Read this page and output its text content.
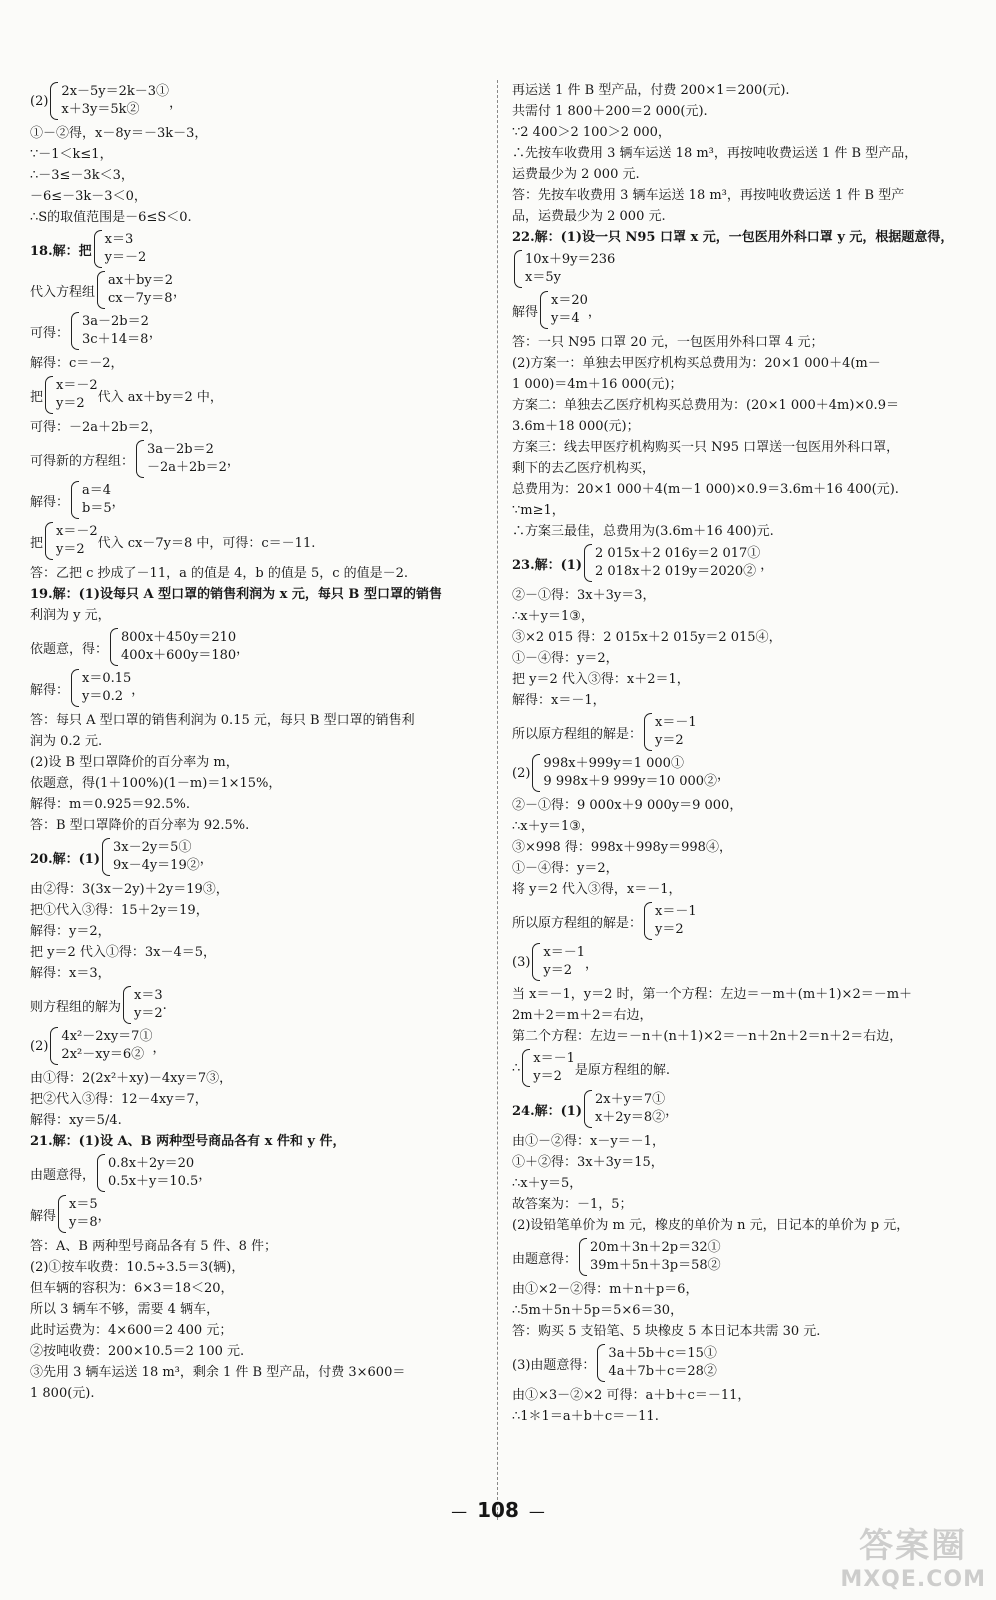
(2)
2x－5y＝2k－3①
x＋3y＝5k②	，
①－②得，x－8y＝－3k－3，
∵－1＜k≤1，
∴－3≤－3k＜3，
－6≤－3k－3＜0，
∴S的取值范围是－6≤S＜0.
18.解：把
x＝3
y＝－2
代入方程组
ax＋by＝2
cx－7y＝8 ，
可得：
3a－2b＝2
3c＋14＝8 ，
解得：c＝－2，
把
x＝－2
y＝2 代入 ax＋by＝2 中，
可得：－2a＋2b＝2，
可得新的方程组：
3a－2b＝2
－2a＋2b＝2 ，
解得：
a＝4
b＝5 ，
把
x＝－2
y＝2 代入 cx－7y＝8 中，可得：c＝－11.
答：乙把 c 抄成了－11，a 的值是 4，b 的值是 5，c 的值是－2.
19.解：(1)设每只 A 型口罩的销售利润为 x 元，每只 B 型口罩的销售
利润为 y 元，
依题意，得：
800x＋450y＝210
400x＋600y＝180 ，
解得：
x＝0.15
y＝0.2 ，
答：每只 A 型口罩的销售利润为 0.15 元，每只 B 型口罩的销售利
润为 0.2 元.
(2)设 B 型口罩降价的百分率为 m，
依题意，得(1＋100%)(1－m)＝1×15%，
解得：m＝0.925＝92.5%.
答：B 型口罩降价的百分率为 92.5%.
20.解：(1)
3x－2y＝5①
9x－4y＝19② ，
由②得：3(3x－2y)＋2y＝19③，
把①代入③得：15＋2y＝19，
解得：y＝2，
把 y＝2 代入①得：3x－4＝5，
解得：x＝3，
则方程组的解为
x＝3
y＝2
.
(2)
4x²－2xy＝7①
2x²－xy＝6② ，
由①得：2(2x²＋xy)－4xy＝7③，
把②代入③得：12－4xy＝7，
解得：xy＝5/4.
21.解：(1)设 A、B 两种型号商品各有 x 件和 y 件，
由题意得，
0.8x＋2y＝20
0.5x＋y＝10.5 ，
解得
x＝5
y＝8 ，
答：A、B 两种型号商品各有 5 件、8 件；
(2)①按车收费：10.5÷3.5＝3(辆)，
但车辆的容积为：6×3＝18＜20，
所以 3 辆车不够，需要 4 辆车，
此时运费为：4×600＝2 400 元；
②按吨收费：200×10.5＝2 100 元.
③先用 3 辆车运送 18 m³，剩余 1 件 B 型产品，付费 3×600＝
1 800(元).
再运送 1 件 B 型产品，付费 200×1＝200(元).
共需付 1 800＋200＝2 000(元).
∵2 400＞2 100＞2 000，
∴先按车收费用 3 辆车运送 18 m³，再按吨收费运送 1 件 B 型产品，
运费最少为 2 000 元.
答：先按车收费用 3 辆车运送 18 m³，再按吨收费运送 1 件 B 型产
品，运费最少为 2 000 元.
22.解：(1)设一只 N95 口罩 x 元，一包医用外科口罩 y 元，根据题意得，
10x＋9y＝236
x＝5y
解得
x＝20
y＝4 ，
答：一只 N95 口罩 20 元，一包医用外科口罩 4 元；
(2)方案一：单独去甲医疗机构买总费用为：20×1 000＋4(m－
1 000)＝4m＋16 000(元)；
方案二：单独去乙医疗机构买总费用为：(20×1 000＋4m)×0.9＝
3.6m＋18 000(元)；
方案三：线去甲医疗机构购买一只 N95 口罩送一包医用外科口罩，
剩下的去乙医疗机构买，
总费用为：20×1 000＋4(m－1 000)×0.9＝3.6m＋16 400(元).
∵m≥1，
∴方案三最佳，总费用为(3.6m＋16 400)元.
23.解：(1)
2 015x＋2 016y＝2 017①
2 018x＋2 019y＝2020② ，
②－①得：3x＋3y＝3，
∴x＋y＝1③，
③×2 015 得：2 015x＋2 015y＝2 015④，
①－④得：y＝2，
把 y＝2 代入③得：x＋2＝1，
解得：x＝－1，
所以原方程组的解是：
x＝－1
y＝2
(2)
998x＋999y＝1 000①
9 998x＋9 999y＝10 000② ，
②－①得：9 000x＋9 000y＝9 000，
∴x＋y＝1③，
③×998 得：998x＋998y＝998④，
①－④得：y＝2，
将 y＝2 代入③得，x＝－1，
所以原方程组的解是：
x＝－1
y＝2
(3)
x＝－1
y＝2 ，
当 x＝－1，y＝2 时，第一个方程：左边＝－m＋(m＋1)×2＝－m＋
2m＋2＝m＋2＝右边，
第二个方程：左边＝－n＋(n＋1)×2＝－n＋2n＋2＝n＋2＝右边，
∴
x＝－1
y＝2 是原方程组的解.
24.解：(1)
2x＋y＝7①
x＋2y＝8② ，
由①－②得：x－y＝－1，
①＋②得：3x＋3y＝15，
∴x＋y＝5，
故答案为：－1，5；
(2)设铅笔单价为 m 元，橡皮的单价为 n 元，日记本的单价为 p 元，
由题意得：
20m＋3n＋2p＝32①
39m＋5n＋3p＝58②
由①×2－②得：m＋n＋p＝6，
∴5m＋5n＋5p＝5×6＝30，
答：购买 5 支铅笔、5 块橡皮 5 本日记本共需 30 元.
(3)由题意得：
3a＋5b＋c＝15①
4a＋7b＋c＝28②
由①×3－②×2 可得：a＋b＋c＝－11，
∴1＊1＝a＋b＋c＝－11.
— 108 —
答案圈
MXQE.COM
